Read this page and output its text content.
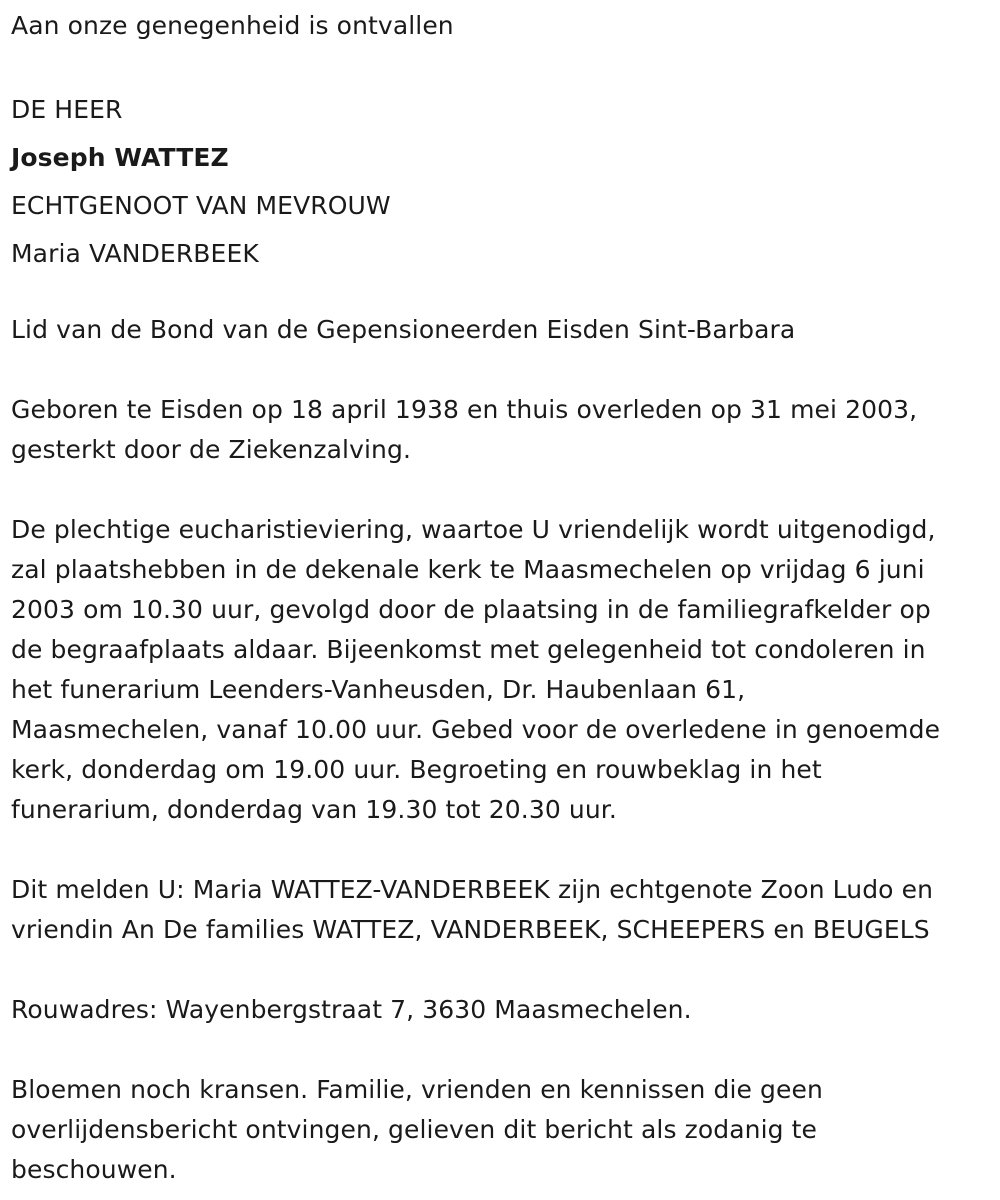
Aan onze genegenheid is ontvallen
DE HEER
Joseph WATTEZ
ECHTGENOOT VAN MEVROUW
Maria VANDERBEEK
Lid van de Bond van de Gepensioneerden Eisden Sint-Barbara
Geboren te Eisden op 18 april 1938 en thuis overleden op 31 mei 2003,
gesterkt door de Ziekenzalving.
De plechtige eucharistieviering, waartoe U vriendelijk wordt uitgenodigd,
zal plaatshebben in de dekenale kerk te Maasmechelen op vrijdag 6 juni
2003 om 10.30 uur, gevolgd door de plaatsing in de familiegrafkelder op
de begraafplaats aldaar. Bijeenkomst met gelegenheid tot condoleren in
het funerarium Leenders-Vanheusden, Dr. Haubenlaan 61,
Maasmechelen, vanaf 10.00 uur. Gebed voor de overledene in genoemde
kerk, donderdag om 19.00 uur. Begroeting en rouwbeklag in het
funerarium, donderdag van 19.30 tot 20.30 uur.
Dit melden U: Maria WATTEZ-VANDERBEEK zijn echtgenote Zoon Ludo en
vriendin An De families WATTEZ, VANDERBEEK, SCHEEPERS en BEUGELS
Rouwadres: Wayenbergstraat 7, 3630 Maasmechelen.
Bloemen noch kransen. Familie, vrienden en kennissen die geen
overlijdensbericht ontvingen, gelieven dit bericht als zodanig te
beschouwen.
